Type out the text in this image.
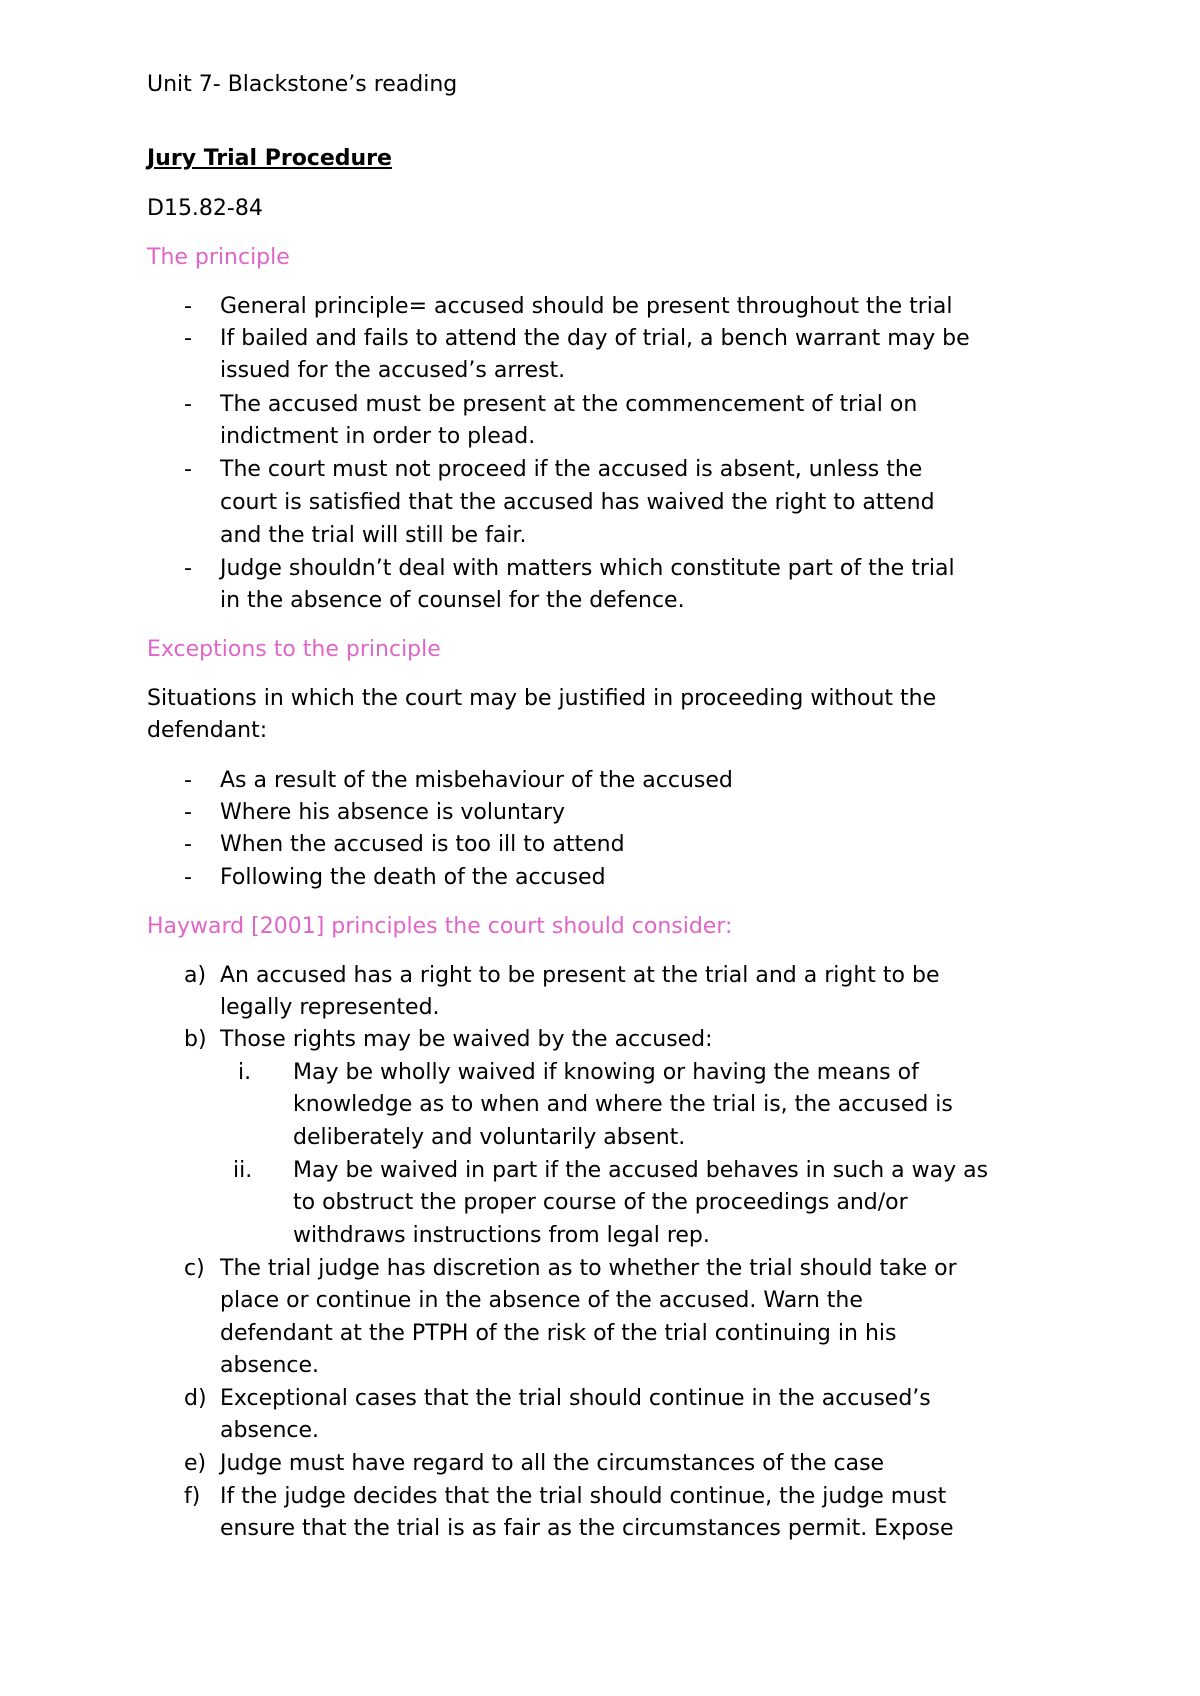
Unit 7- Blackstone’s reading
Jury Trial Procedure
D15.82-84
The principle
- General principle= accused should be present throughout the trial
- If bailed and fails to attend the day of trial, a bench warrant may be
issued for the accused’s arrest.
- The accused must be present at the commencement of trial on
indictment in order to plead.
- The court must not proceed if the accused is absent, unless the
court is satisfied that the accused has waived the right to attend
and the trial will still be fair.
- Judge shouldn’t deal with matters which constitute part of the trial
in the absence of counsel for the defence.
Exceptions to the principle
Situations in which the court may be justified in proceeding without the
defendant:
- As a result of the misbehaviour of the accused
- Where his absence is voluntary
- When the accused is too ill to attend
- Following the death of the accused
Hayward [2001] principles the court should consider:
a) An accused has a right to be present at the trial and a right to be
legally represented.
b) Those rights may be waived by the accused:
i. May be wholly waived if knowing or having the means of
knowledge as to when and where the trial is, the accused is
deliberately and voluntarily absent.
ii. May be waived in part if the accused behaves in such a way as
to obstruct the proper course of the proceedings and/or
withdraws instructions from legal rep.
c) The trial judge has discretion as to whether the trial should take or
place or continue in the absence of the accused. Warn the
defendant at the PTPH of the risk of the trial continuing in his
absence.
d) Exceptional cases that the trial should continue in the accused’s
absence.
e) Judge must have regard to all the circumstances of the case
f) If the judge decides that the trial should continue, the judge must
ensure that the trial is as fair as the circumstances permit. Expose
